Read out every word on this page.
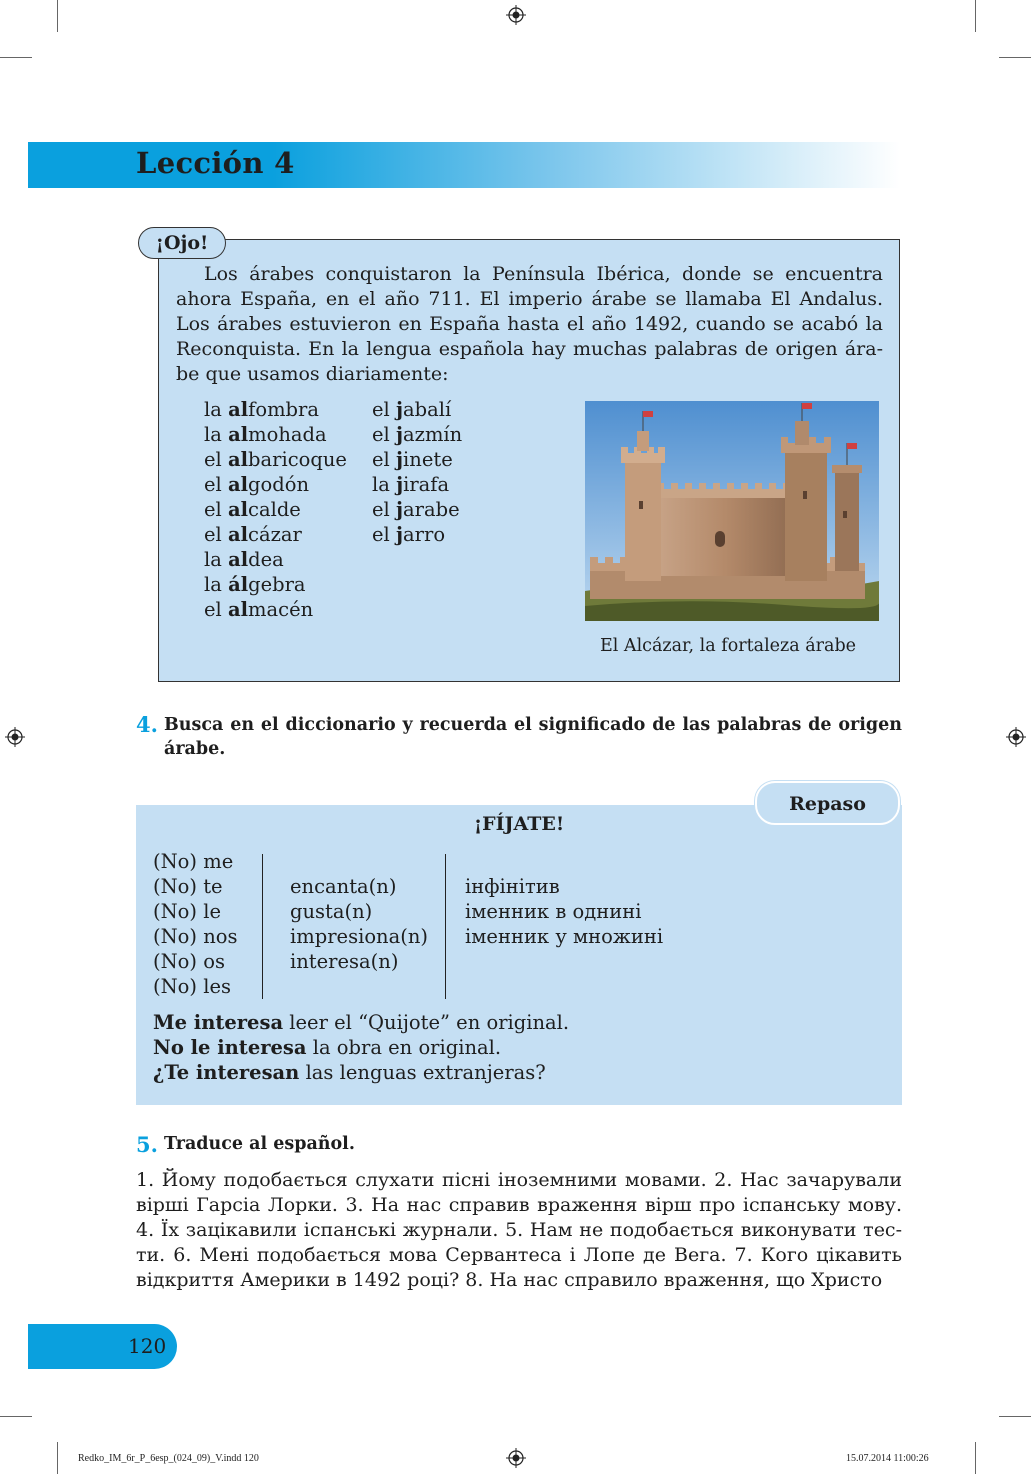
Lección 4
¡Ojo!
Los árabes conquistaron la Península Ibérica, donde se encuentra ahora España, en el año 711. El imperio árabe se llamaba El Andalus. Los árabes estuvieron en España hasta el año 1492, cuando se acabó la Reconquista. En la lengua española hay muchas palabras de origen árabe que usamos diariamente:
la alfombra
la almohada
el albaricoque
el algodón
el alcalde
el alcázar
la aldea
la álgebra
el almacén
el jabalí
el jazmín
el jinete
la jirafa
el jarabe
el jarro
El Alcázar, la fortaleza árabe
4. Busca en el diccionario y recuerda el significado de las palabras de origen árabe.
Repaso
¡FÍJATE!
(No) me
(No) te
(No) le
(No) nos
(No) os
(No) les
encanta(n)
gusta(n)
impresiona(n)
interesa(n)
інфінітив
іменник в однині
іменник у множині
Me interesa leer el “Quijote” en original.
No le interesa la obra en original.
¿Te interesan las lenguas extranjeras?
5. Traduce al español.
1. Йому подобається слухати пісні іноземними мовами. 2. Нас зачарували вірші Гарсіа Лорки. 3. На нас справив враження вірш про іспанську мову. 4. Їх зацікавили іспанські журнали. 5. Нам не подобається виконувати тести. 6. Мені подобається мова Сервантеса і Лопе де Вега. 7. Кого цікавить відкриття Америки в 1492 році? 8. На нас справило враження, що Христо
120
Redko_IM_6r_P_6esp_(024_09)_V.indd 120	15.07.2014 11:00:26
